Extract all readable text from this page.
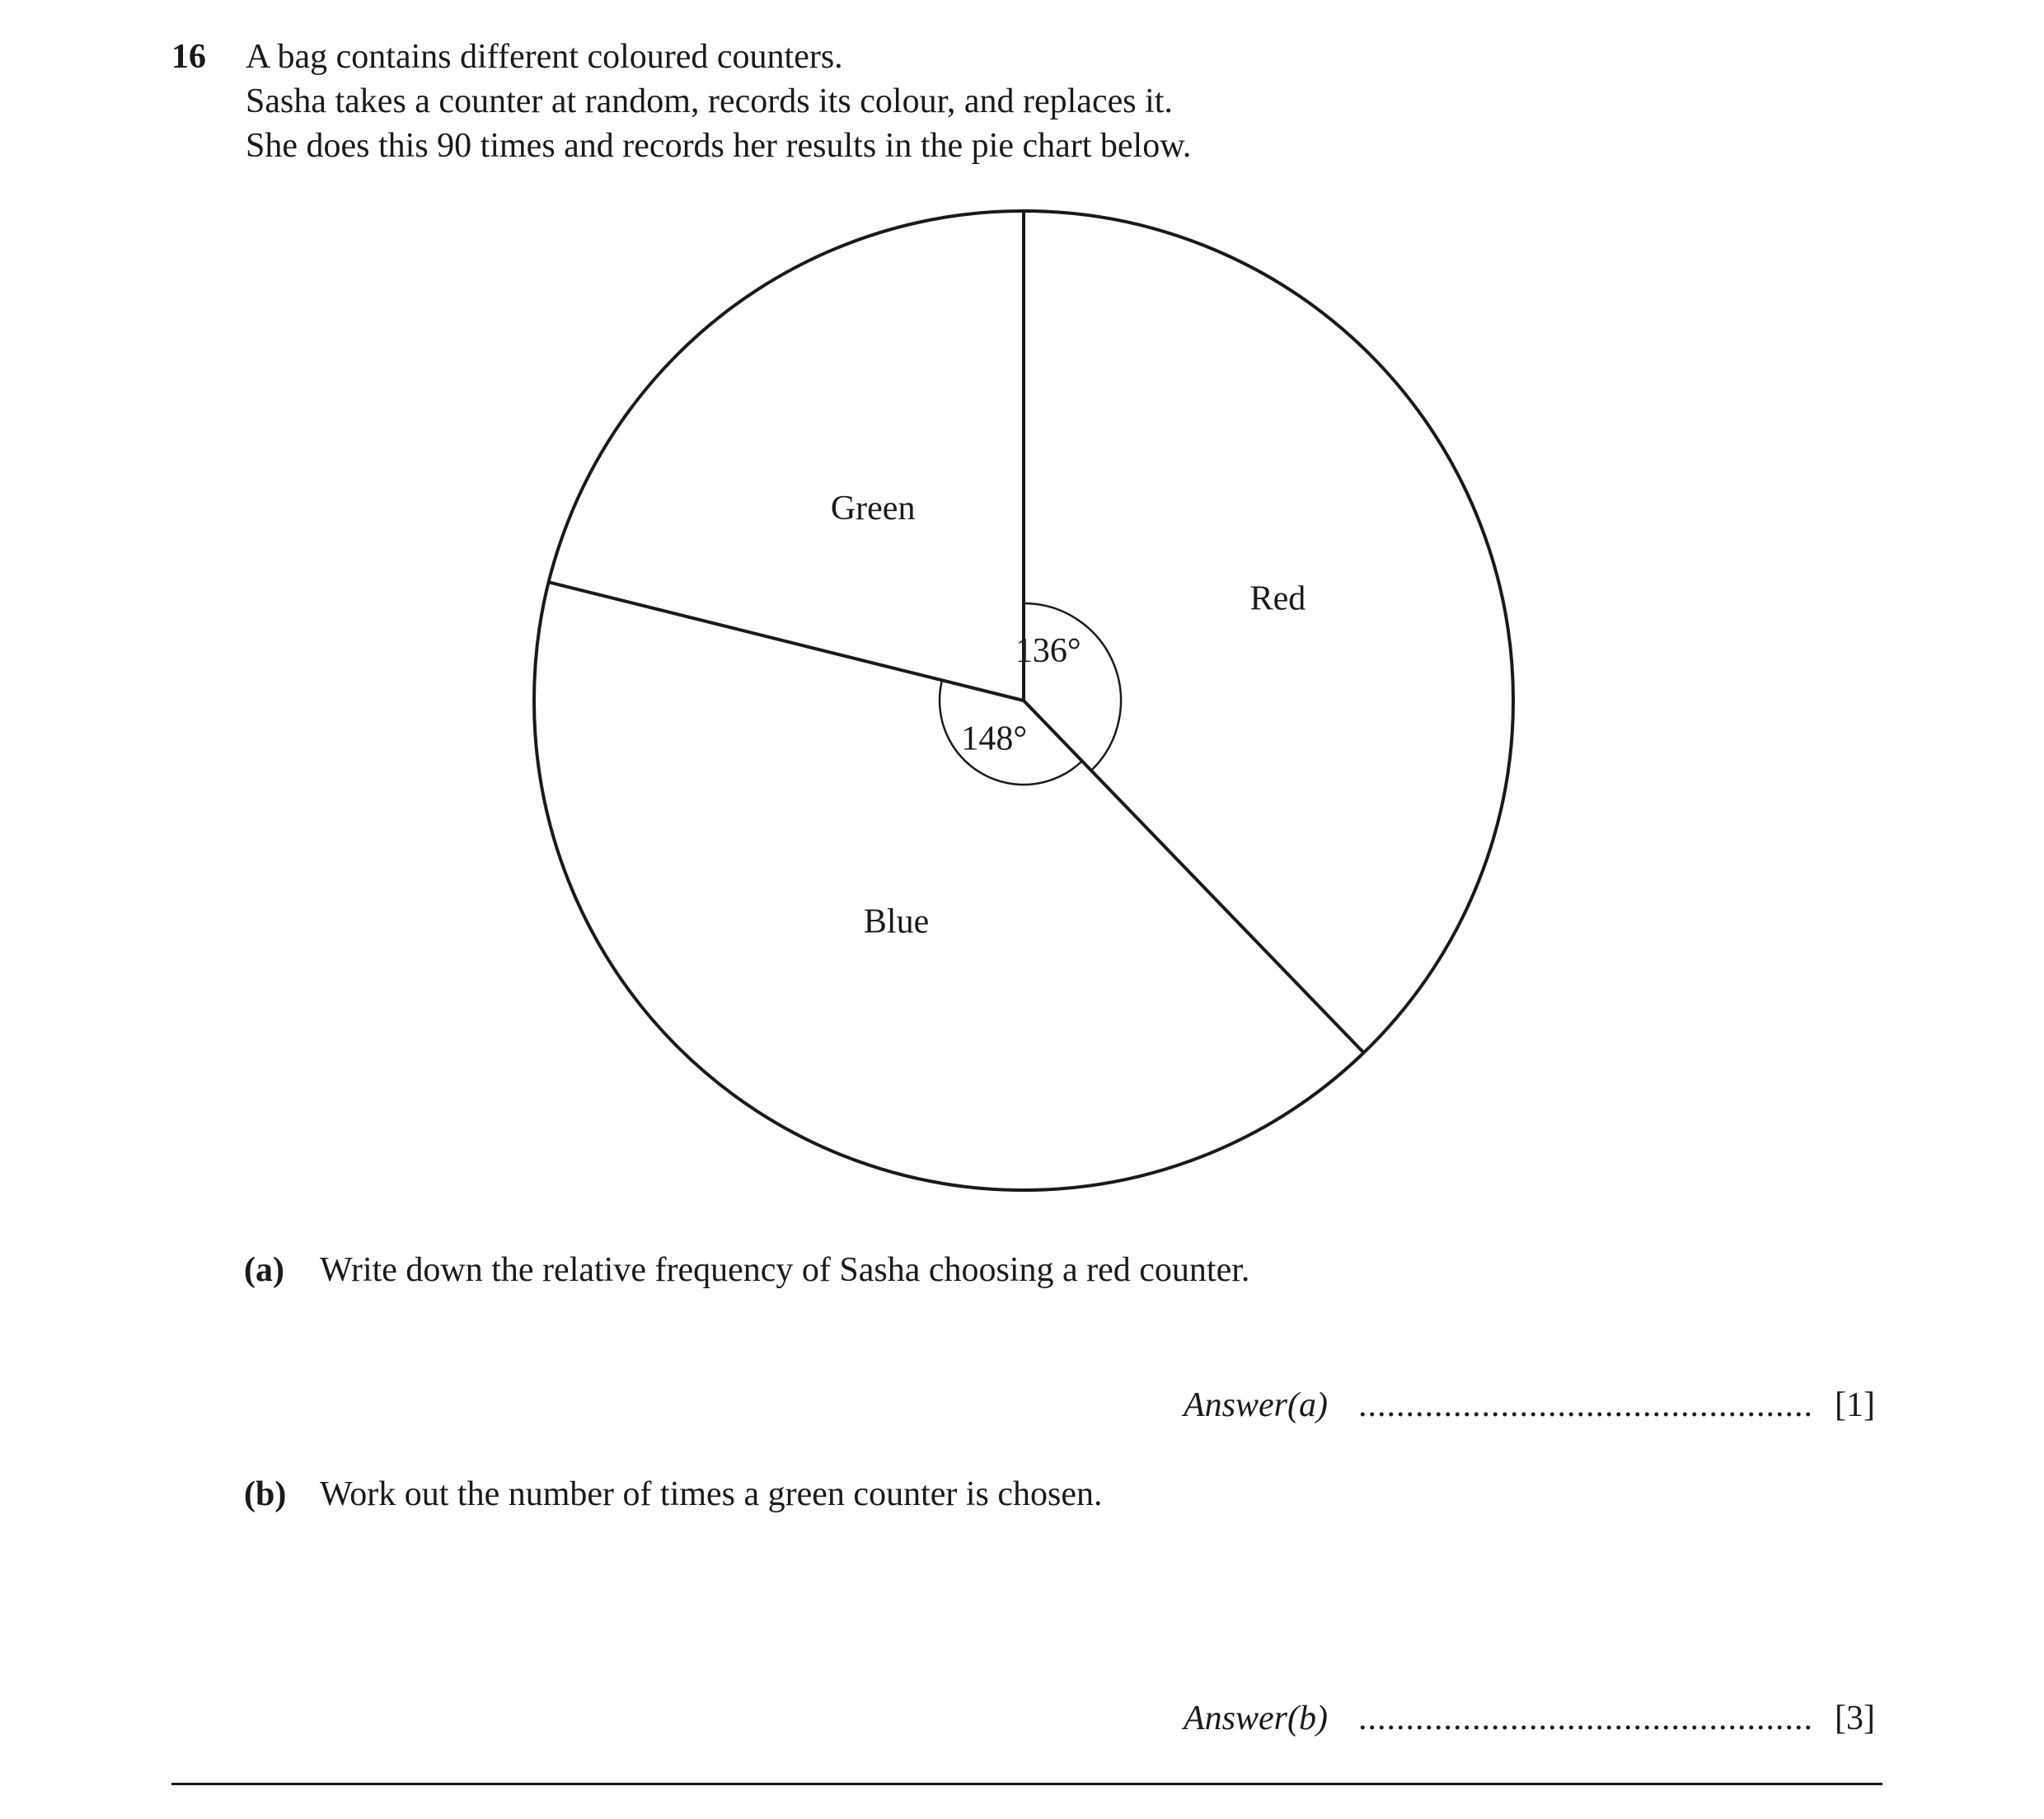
16 A bag contains different coloured counters.
Sasha takes a counter at random, records its colour, and replaces it.
She does this 90 times and records her results in the pie chart below.
Red
Blue
Green
136°
148°
(a) Write down the relative frequency of Sasha choosing a red counter.
Answer(a) ................................................ [1]
(b) Work out the number of times a green counter is chosen.
Answer(b) ................................................ [3]
